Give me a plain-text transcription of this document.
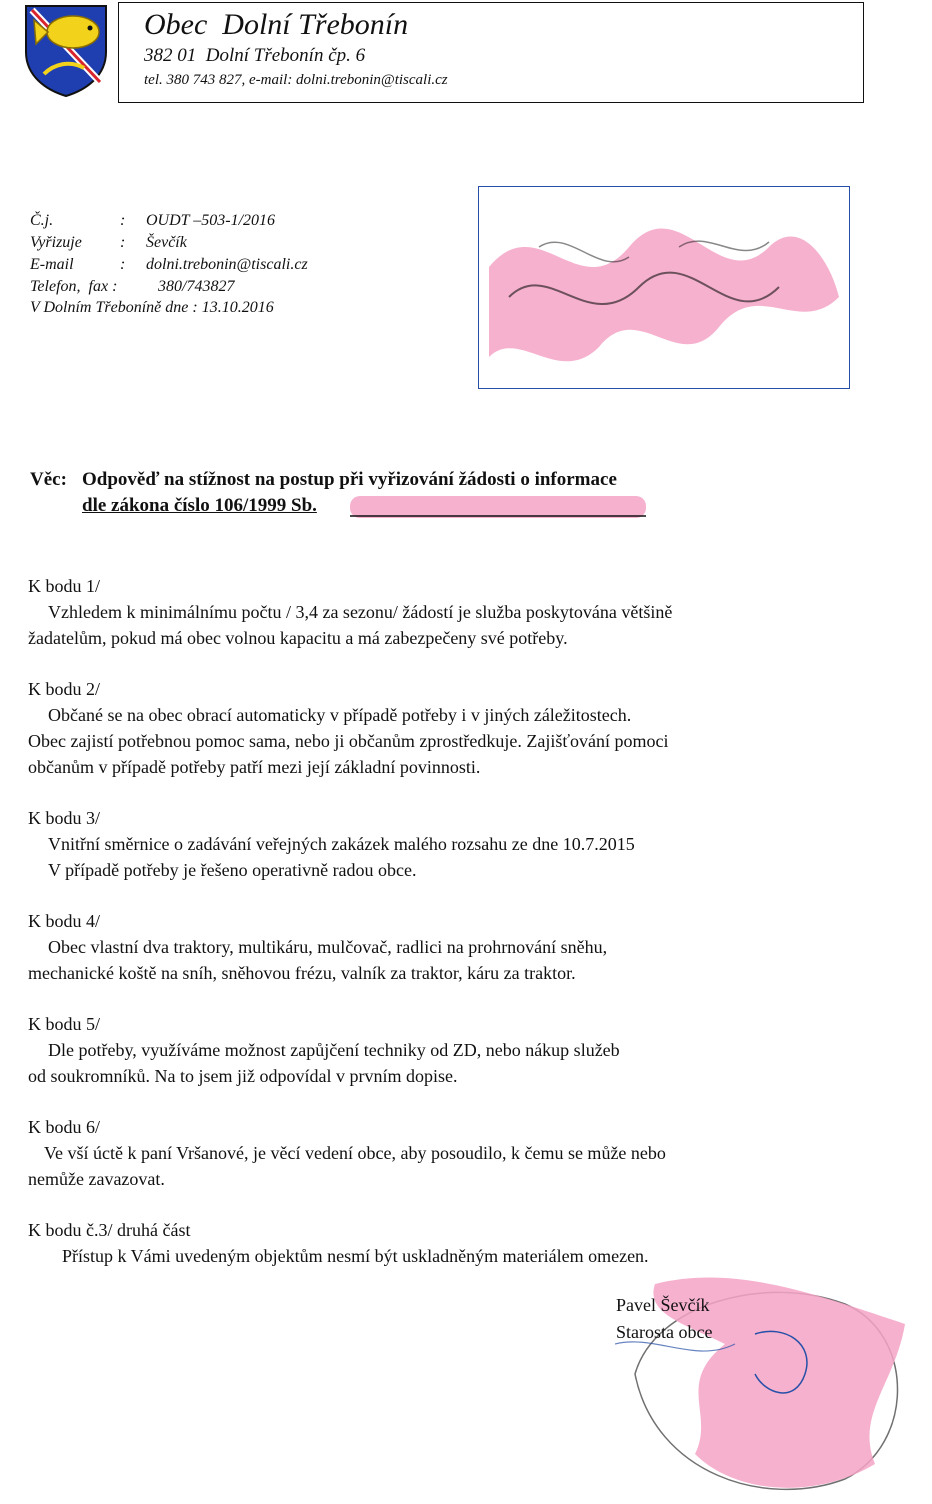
Obec  Dolní Třebonín
382 01  Dolní Třebonín čp. 6
tel. 380 743 827, e-mail: dolni.trebonin@tiscali.cz
Č.j.	: OUDT –503-1/2016
Vyřizuje : Ševčík
E-mail	: dolni.trebonin@tiscali.cz
Telefon,  fax :	380/743827
V Dolním Třeboníně dne : 13.10.2016
Věc: Odpověď na stížnost na postup při vyřizování žádosti o informace
dle zákona číslo 106/1999 Sb.
K bodu 1/
Vzhledem k minimálnímu počtu / 3,4 za sezonu/ žádostí je služba poskytována většině
žadatelům, pokud má obec volnou kapacitu a má zabezpečeny své potřeby.
K bodu 2/
Občané se na obec obrací automaticky v případě potřeby i v jiných záležitostech.
Obec zajistí potřebnou pomoc sama, nebo ji občanům zprostředkuje. Zajišťování pomoci
občanům v případě potřeby patří mezi její základní povinnosti.
K bodu 3/
Vnitřní směrnice o zadávání veřejných zakázek malého rozsahu ze dne 10.7.2015
V případě potřeby je řešeno operativně radou obce.
K bodu 4/
Obec vlastní dva traktory, multikáru, mulčovač, radlici na prohrnování sněhu,
mechanické koště na sníh, sněhovou frézu, valník za traktor, káru za traktor.
K bodu 5/
Dle potřeby, využíváme možnost zapůjčení techniky od ZD, nebo nákup služeb
od soukromníků. Na to jsem již odpovídal v prvním dopise.
K bodu 6/
Ve vší úctě k paní Vršanové, je věcí vedení obce, aby posoudilo, k čemu se může nebo
nemůže zavazovat.
K bodu č.3/ druhá část
Přístup k Vámi uvedeným objektům nesmí být uskladněným materiálem omezen.
Pavel Ševčík
Starosta obce
